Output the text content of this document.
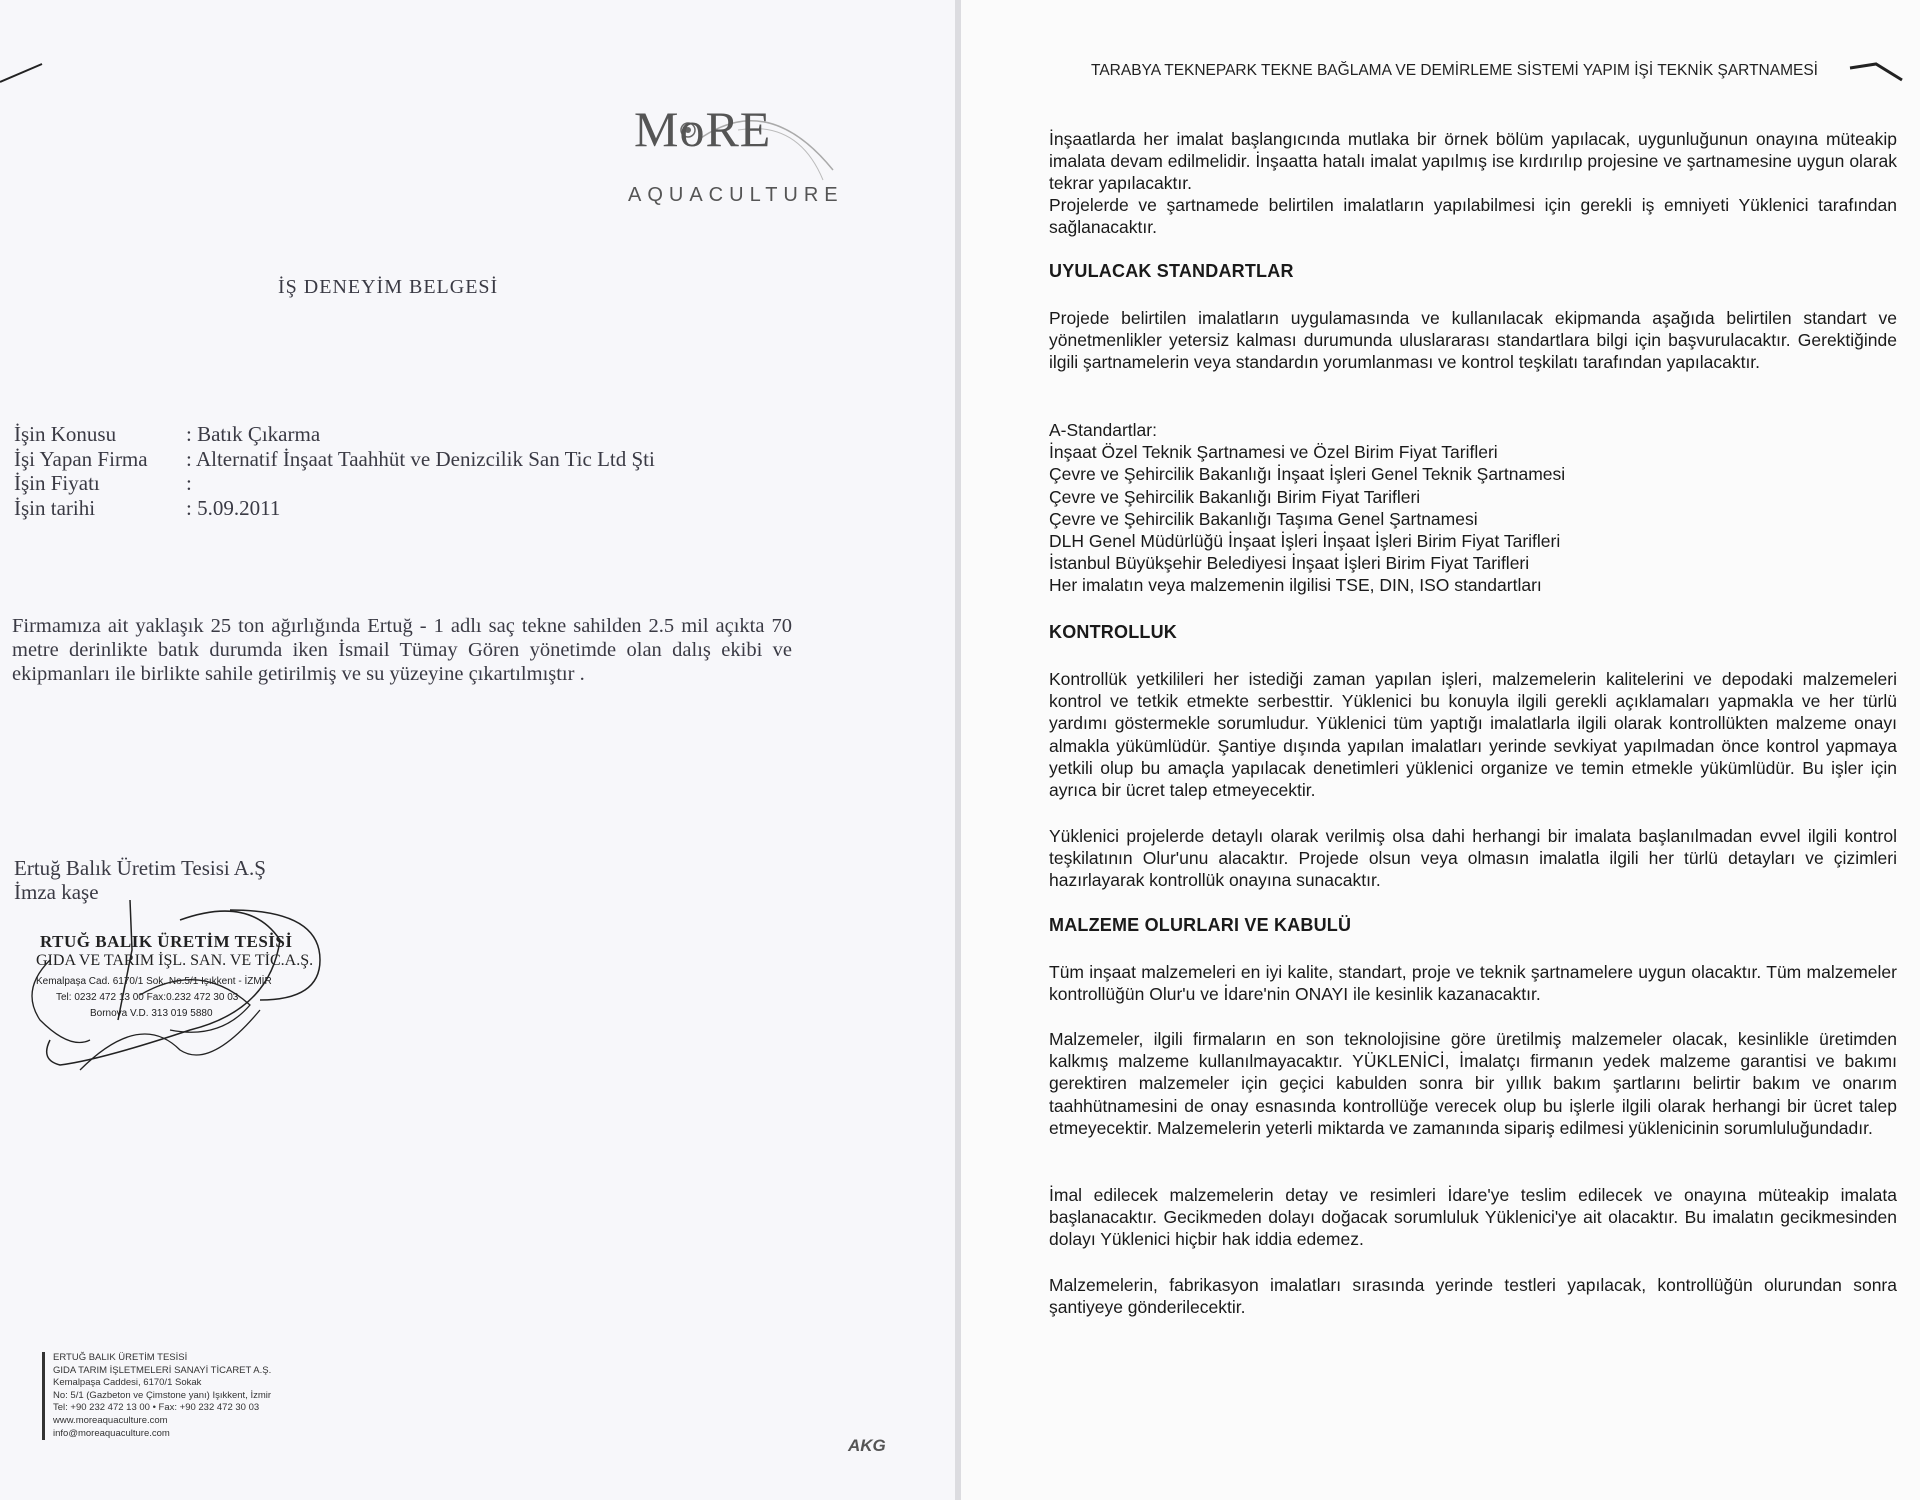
MoRE
AQUACULTURE
İŞ DENEYİM BELGESİ
İşin Konusu	: Batık Çıkarma
İşi Yapan Firma	: Alternatif İnşaat Taahhüt ve Denizcilik San Tic Ltd Şti
İşin Fiyatı	:
İşin tarihi	: 5.09.2011
Firmamıza ait yaklaşık 25 ton ağırlığında Ertuğ - 1 adlı saç tekne sahilden 2.5 mil açıkta 70 metre derinlikte batık durumda iken İsmail Tümay Gören yönetimde olan dalış ekibi ve ekipmanları ile birlikte sahile getirilmiş ve su yüzeyine çıkartılmıştır .
Ertuğ Balık Üretim Tesisi A.Ş
İmza kaşe
RTUĞ BALIK ÜRETİM TESİSİ
GIDA VE TARIM İŞL. SAN. VE TİC.A.Ş.
Kemalpaşa Cad. 6170/1 Sok. No.5/1 Işıkkent - İZMİR
Tel: 0232 472 13 00 Fax:0.232 472 30 03
Bornova V.D. 313 019 5880
ERTUĞ BALIK ÜRETİM TESİSİ
GIDA TARIM İŞLETMELERİ SANAYİ TİCARET A.Ş.
Kemalpaşa Caddesi, 6170/1 Sokak
No: 5/1 (Gazbeton ve Çimstone yanı) Işıkkent, İzmir
Tel: +90 232 472 13 00 • Fax: +90 232 472 30 03
www.moreaquaculture.com
info@moreaquaculture.com
AKG
TARABYA TEKNEPARK TEKNE BAĞLAMA VE DEMİRLEME SİSTEMİ YAPIM İŞİ TEKNİK ŞARTNAMESİ
İnşaatlarda her imalat başlangıcında mutlaka bir örnek bölüm yapılacak, uygunluğunun onayına müteakip imalata devam edilmelidir. İnşaatta hatalı imalat yapılmış ise kırdırılıp projesine ve şartnamesine uygun olarak tekrar yapılacaktır.
Projelerde ve şartnamede belirtilen imalatların yapılabilmesi için gerekli iş emniyeti Yüklenici tarafından sağlanacaktır.
UYULACAK STANDARTLAR
Projede belirtilen imalatların uygulamasında ve kullanılacak ekipmanda aşağıda belirtilen standart ve yönetmenlikler yetersiz kalması durumunda uluslararası standartlara bilgi için başvurulacaktır. Gerektiğinde ilgili şartnamelerin veya standardın yorumlanması ve kontrol teşkilatı tarafından yapılacaktır.
A-Standartlar:
İnşaat Özel Teknik Şartnamesi ve Özel Birim Fiyat Tarifleri
Çevre ve Şehircilik Bakanlığı İnşaat İşleri Genel Teknik Şartnamesi
Çevre ve Şehircilik Bakanlığı Birim Fiyat Tarifleri
Çevre ve Şehircilik Bakanlığı Taşıma Genel Şartnamesi
DLH Genel Müdürlüğü İnşaat İşleri İnşaat İşleri Birim Fiyat Tarifleri
İstanbul Büyükşehir Belediyesi İnşaat İşleri Birim Fiyat Tarifleri
Her imalatın veya malzemenin ilgilisi TSE, DIN, ISO standartları
KONTROLLUK
Kontrollük yetkilileri her istediği zaman yapılan işleri, malzemelerin kalitelerini ve depodaki malzemeleri kontrol ve tetkik etmekte serbesttir. Yüklenici bu konuyla ilgili gerekli açıklamaları yapmakla ve her türlü yardımı göstermekle sorumludur. Yüklenici tüm yaptığı imalatlarla ilgili olarak kontrollükten malzeme onayı almakla yükümlüdür. Şantiye dışında yapılan imalatları yerinde sevkiyat yapılmadan önce kontrol yapmaya yetkili olup bu amaçla yapılacak denetimleri yüklenici organize ve temin etmekle yükümlüdür. Bu işler için ayrıca bir ücret talep etmeyecektir.
Yüklenici projelerde detaylı olarak verilmiş olsa dahi herhangi bir imalata başlanılmadan evvel ilgili kontrol teşkilatının Olur'unu alacaktır. Projede olsun veya olmasın imalatla ilgili her türlü detayları ve çizimleri hazırlayarak kontrollük onayına sunacaktır.
MALZEME OLURLARI VE KABULÜ
Tüm inşaat malzemeleri en iyi kalite, standart, proje ve teknik şartnamelere uygun olacaktır. Tüm malzemeler kontrollüğün Olur'u ve İdare'nin ONAYI ile kesinlik kazanacaktır.
Malzemeler, ilgili firmaların en son teknolojisine göre üretilmiş malzemeler olacak, kesinlikle üretimden kalkmış malzeme kullanılmayacaktır. YÜKLENİCİ, İmalatçı firmanın yedek malzeme garantisi ve bakımı gerektiren malzemeler için geçici kabulden sonra bir yıllık bakım şartlarını belirtir bakım ve onarım taahhütnamesini de onay esnasında kontrollüğe verecek olup bu işlerle ilgili olarak herhangi bir ücret talep etmeyecektir. Malzemelerin yeterli miktarda ve zamanında sipariş edilmesi yüklenicinin sorumluluğundadır.
İmal edilecek malzemelerin detay ve resimleri İdare'ye teslim edilecek ve onayına müteakip imalata başlanacaktır. Gecikmeden dolayı doğacak sorumluluk Yüklenici'ye ait olacaktır. Bu imalatın gecikmesinden dolayı Yüklenici hiçbir hak iddia edemez.
Malzemelerin, fabrikasyon imalatları sırasında yerinde testleri yapılacak, kontrollüğün olurundan sonra şantiyeye gönderilecektir.
